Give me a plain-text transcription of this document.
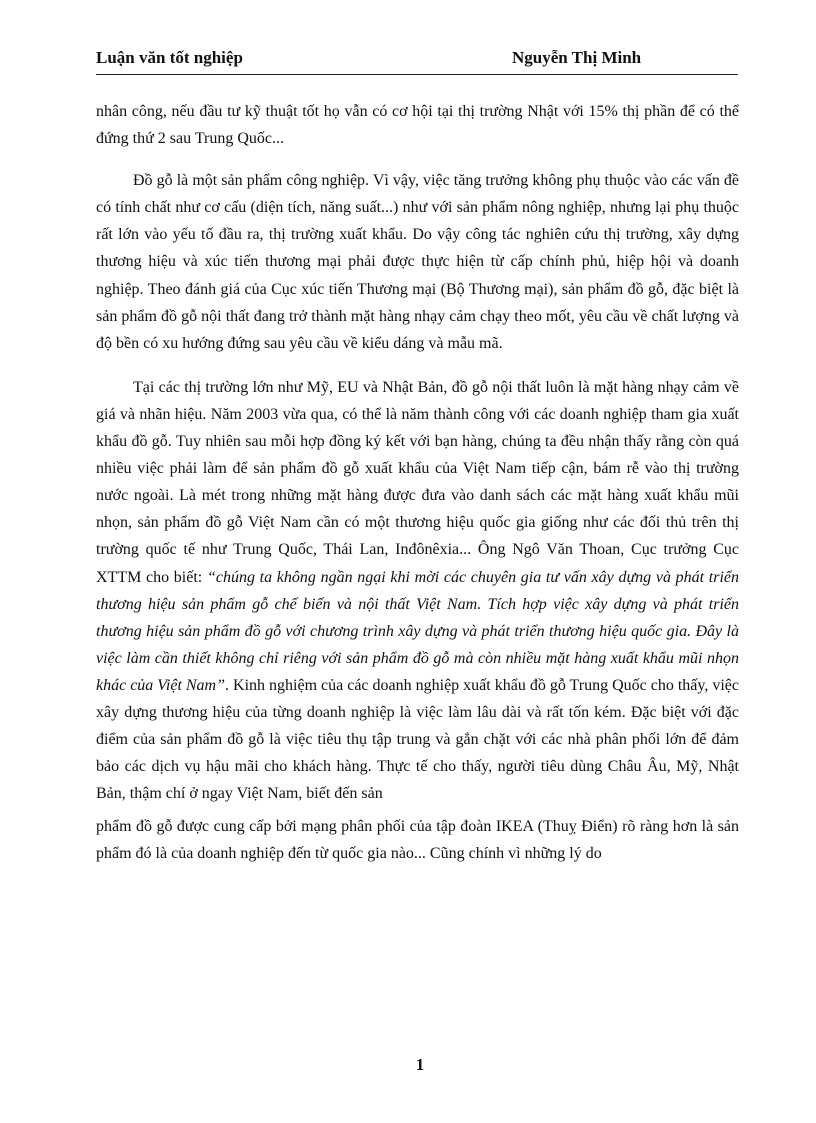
Luận văn tốt nghiệp	Nguyễn Thị Minh

nhân công, nếu đầu tư kỹ thuật tốt họ vẫn có cơ hội tại thị trường Nhật với 15% thị phần để có thể đứng thứ 2 sau Trung Quốc...

Đồ gỗ là một sản phẩm công nghiệp. Vì vậy, việc tăng trưởng không phụ thuộc vào các vấn đề có tính chất như cơ cấu (diện tích, năng suất...) như với sản phẩm nông nghiệp, nhưng lại phụ thuộc rất lớn vào yếu tố đầu ra, thị trường xuất khẩu. Do vậy công tác nghiên cứu thị trường, xây dựng thương hiệu và xúc tiến thương mại phải được thực hiện từ cấp chính phủ, hiệp hội và doanh nghiệp. Theo đánh giá của Cục xúc tiến Thương mại (Bộ Thương mại), sản phẩm đồ gỗ, đặc biệt là sản phẩm đồ gỗ nội thất đang trở thành mặt hàng nhạy cảm chạy theo mốt, yêu cầu về chất lượng và độ bền có xu hướng đứng sau yêu cầu về kiểu dáng và mẫu mã.

Tại các thị trường lớn như Mỹ, EU và Nhật Bản, đồ gỗ nội thất luôn là mặt hàng nhạy cảm về giá và nhãn hiệu. Năm 2003 vừa qua, có thể là năm thành công với các doanh nghiệp tham gia xuất khẩu đồ gỗ. Tuy nhiên sau mỗi hợp đồng ký kết với bạn hàng, chúng ta đều nhận thấy rằng còn quá nhiều việc phải làm để sản phẩm đồ gỗ xuất khẩu của Việt Nam tiếp cận, bám rễ vào thị trường nước ngoài. Là mét trong những mặt hàng được đưa vào danh sách các mặt hàng xuất khẩu mũi nhọn, sản phẩm đồ gỗ Việt Nam cần có một thương hiệu quốc gia giống như các đối thủ trên thị trường quốc tế như Trung Quốc, Thái Lan, Inđônêxia... Ông Ngô Văn Thoan, Cục trưởng Cục XTTM cho biết: “chúng ta không ngần ngại khi mời các chuyên gia tư vấn xây dựng và phát triển thương hiệu sản phẩm gỗ chế biến và nội thất Việt Nam. Tích hợp việc xây dựng và phát triển thương hiệu sản phẩm đồ gỗ với chương trình xây dựng và phát triển thương hiệu quốc gia. Đây là việc làm cần thiết không chỉ riêng với sản phẩm đồ gỗ mà còn nhiều mặt hàng xuất khẩu mũi nhọn khác của Việt Nam”. Kinh nghiệm của các doanh nghiệp xuất khẩu đồ gỗ Trung Quốc cho thấy, việc xây dựng thương hiệu của từng doanh nghiệp là việc làm lâu dài và rất tốn kém. Đặc biệt với đặc điểm của sản phẩm đồ gỗ là việc tiêu thụ tập trung và gắn chặt với các nhà phân phối lớn để đảm bảo các dịch vụ hậu mãi cho khách hàng. Thực tế cho thấy, người tiêu dùng Châu Âu, Mỹ, Nhật Bản, thậm chí ở ngay Việt Nam, biết đến sản

phẩm đồ gỗ được cung cấp bởi mạng phân phối của tập đoàn IKEA (Thuỵ Điển) rõ ràng hơn là sản phẩm đó là của doanh nghiệp đến từ quốc gia nào... Cũng chính vì những lý do

1
